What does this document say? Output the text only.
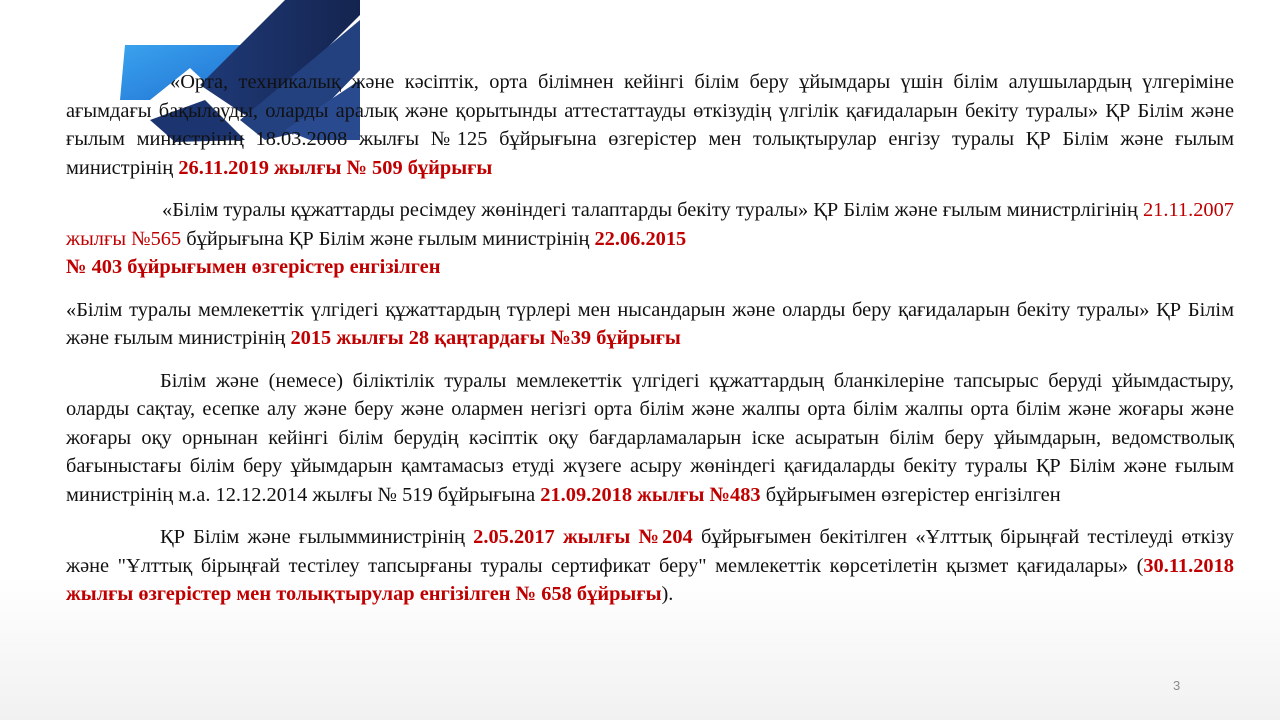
«Орта, техникалық және кәсіптік, орта білімнен кейінгі білім беру ұйымдары үшін білім алушылардың үлгеріміне ағымдағы бақылауды, оларды аралық және қорытынды аттестаттауды өткізудің үлгілік қағидаларын бекіту туралы» ҚР Білім және ғылым министрінің 18.03.2008 жылғы №125 бұйрығына өзгерістер мен толықтырулар енгізу туралы ҚР Білім және ғылым министрінің 26.11.2019 жылғы № 509 бұйрығы

«Білім туралы құжаттарды ресімдеу жөніндегі талаптарды бекіту туралы» ҚР Білім және ғылым министрлігінің 21.11.2007 жылғы №565 бұйрығына ҚР Білім және ғылым министрінің 22.06.2015
№ 403 бұйрығымен өзгерістер енгізілген

«Білім туралы мемлекеттік үлгідегі құжаттардың түрлері мен нысандарын және оларды беру қағидаларын бекіту туралы» ҚР Білім және ғылым министрінің 2015 жылғы 28 қаңтардағы №39 бұйрығы

Білім және (немесе) біліктілік туралы мемлекеттік үлгідегі құжаттардың бланкілеріне тапсырыс беруді ұйымдастыру, оларды сақтау, есепке алу және беру және олармен негізгі орта білім және жалпы орта білім жалпы орта білім және жоғары және жоғары оқу орнынан кейінгі білім берудің кәсіптік оқу бағдарламаларын іске асыратын білім беру ұйымдарын, ведомстволық бағыныстағы білім беру ұйымдарын қамтамасыз етуді жүзеге асыру жөніндегі қағидаларды бекіту туралы ҚР Білім және ғылым министрінің м.а. 12.12.2014 жылғы № 519 бұйрығына 21.09.2018 жылғы №483 бұйрығымен өзгерістер енгізілген

ҚР Білім және ғылымминистрінің 2.05.2017 жылғы №204 бұйрығымен бекітілген «Ұлттық бірыңғай тестілеуді өткізу және "Ұлттық бірыңғай тестілеу тапсырғаны туралы сертификат беру" мемлекеттік көрсетілетін қызмет қағидалары» (30.11.2018 жылғы өзгерістер мен толықтырулар енгізілген № 658 бұйрығы).

3
